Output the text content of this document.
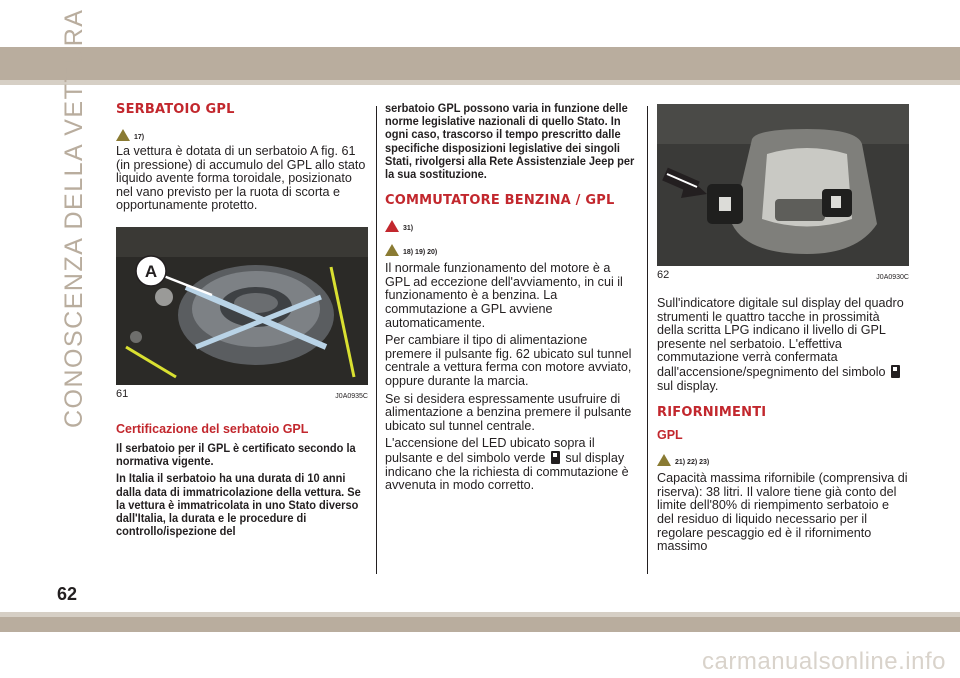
CONOSCENZA DELLA VETTURA
62
SERBATOIO GPL
17)

La vettura è dotata di un serbatoio A fig. 61 (in pressione) di accumulo del GPL allo stato liquido avente forma toroidale, posizionato nel vano previsto per la ruota di scorta e opportunamente protetto.

A
61	J0A0935C
Certificazione del serbatoio GPL

Il serbatoio per il GPL è certificato secondo la normativa vigente.

In Italia il serbatoio ha una durata di 10 anni dalla data di immatricolazione della vettura. Se la vettura è immatricolata in uno Stato diverso dall'Italia, la durata e le procedure di controllo/ispezione del

serbatoio GPL possono varia in funzione delle norme legislative nazionali di quello Stato. In ogni caso, trascorso il tempo prescritto dalle specifiche disposizioni legislative dei singoli Stati, rivolgersi alla Rete Assistenziale Jeep per la sua sostituzione.

COMMUTATORE BENZINA / GPL
31)
18) 19) 20)

Il normale funzionamento del motore è a GPL ad eccezione dell'avviamento, in cui il funzionamento è a benzina. La commutazione a GPL avviene automaticamente.

Per cambiare il tipo di alimentazione premere il pulsante fig. 62 ubicato sul tunnel centrale a vettura ferma con motore avviato, oppure durante la marcia.

Se si desidera espressamente usufruire di alimentazione a benzina premere il pulsante ubicato sul tunnel centrale.

L'accensione del LED ubicato sopra il pulsante e del simbolo verde sul display indicano che la richiesta di commutazione è avvenuta in modo corretto.

62	J0A0930C

Sull'indicatore digitale sul display del quadro strumenti le quattro tacche in prossimità della scritta LPG indicano il livello di GPL presente nel serbatoio. L'effettiva commutazione verrà confermata dall'accensione/spegnimento del simbolo  sul display.

RIFORNIMENTI
GPL
21) 22) 23)

Capacità massima rifornibile (comprensiva di riserva): 38 litri. Il valore tiene già conto del limite dell'80% di riempimento serbatoio e del residuo di liquido necessario per il regolare pescaggio ed è il rifornimento massimo

carmanualsonline.info
